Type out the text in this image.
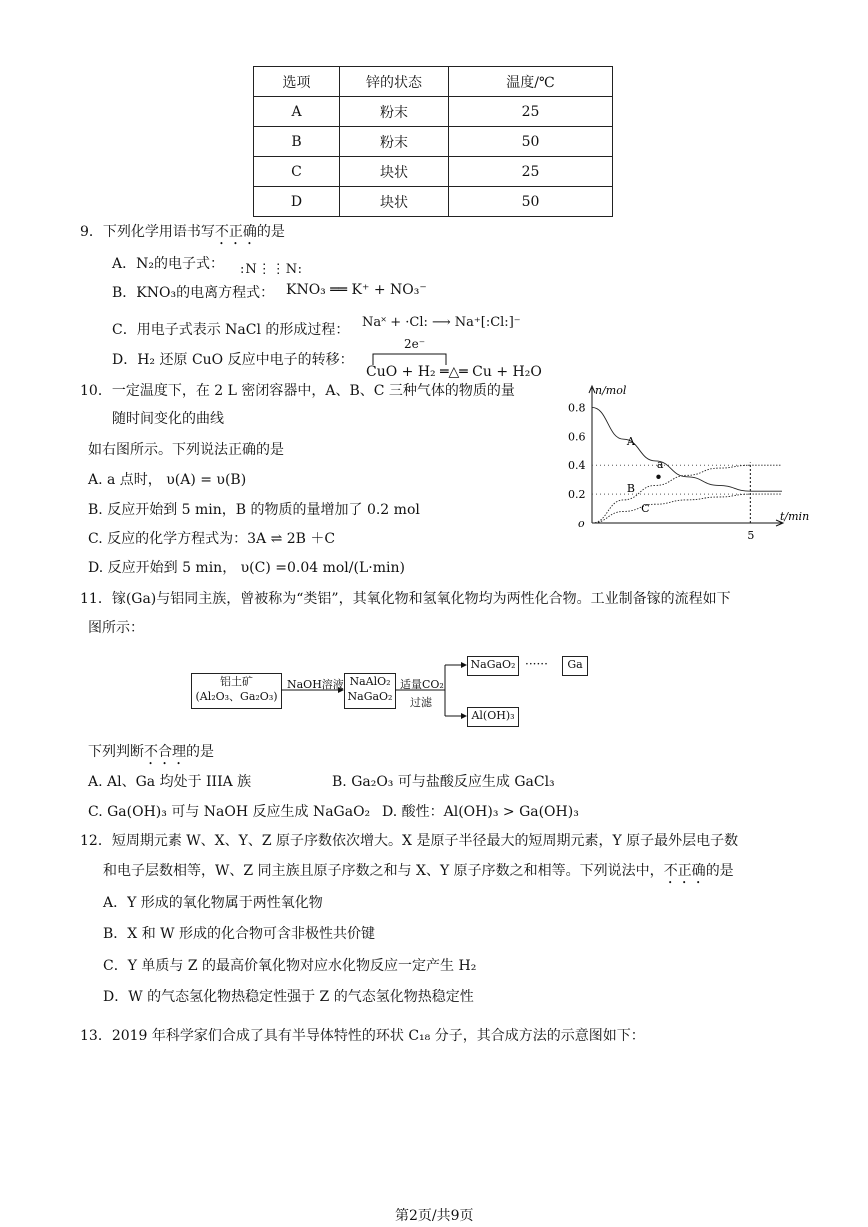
选项	锌的状态	温度/℃
A	粉末	25
B	粉末	50
C	块状	25
D	块状	50
9．下列化学用语书写不正确的是
A．N₂的电子式： :N⋮⋮N:
B．KNO₃的电离方程式： KNO₃ ══ K⁺ + NO₃⁻
C．用电子式表示 NaCl 的形成过程： Na˟ + ·Cl: ⟶ Na⁺[:Cl:]⁻
D．H₂ 还原 CuO 反应中电子的转移：
2e⁻
CuO + H₂ ═△═ Cu + H₂O
10．一定温度下，在 2 L 密闭容器中，A、B、C 三种气体的物质的量
随时间变化的曲线
如右图所示。下列说法正确的是
A. a 点时， υ(A) = υ(B)
B. 反应开始到 5 min，B 的物质的量增加了 0.2 mol
C. 反应的化学方程式为：3A ⇌ 2B ＋C
D. 反应开始到 5 min， υ(C) =0.04 mol/(L·min)
n/mol
t/min
o
0.8
0.6
0.4
0.2
5
A
B
C
a
11．镓(Ga)与铝同主族，曾被称为“类铝”，其氧化物和氢氧化物均为两性化合物。工业制备镓的流程如下
图所示：
铝土矿
(Al₂O₃、Ga₂O₃)
NaOH溶液 NaAlO₂
NaGaO₂
适量CO₂
过滤
NaGaO₂ ······	Ga
Al(OH)₃
下列判断不合理的是
A. Al、Ga 均处于 IIIA 族	B. Ga₂O₃ 可与盐酸反应生成 GaCl₃
C. Ga(OH)₃ 可与 NaOH 反应生成 NaGaO₂ D. 酸性：Al(OH)₃ > Ga(OH)₃
12．短周期元素 W、X、Y、Z 原子序数依次增大。X 是原子半径最大的短周期元素，Y 原子最外层电子数
和电子层数相等，W、Z 同主族且原子序数之和与 X、Y 原子序数之和相等。下列说法中，不正确的是
A．Y 形成的氧化物属于两性氧化物
B．X 和 W 形成的化合物可含非极性共价键
C．Y 单质与 Z 的最高价氧化物对应水化物反应一定产生 H₂
D．W 的气态氢化物热稳定性强于 Z 的气态氢化物热稳定性
13．2019 年科学家们合成了具有半导体特性的环状 C₁₈ 分子，其合成方法的示意图如下：
第2页/共9页
